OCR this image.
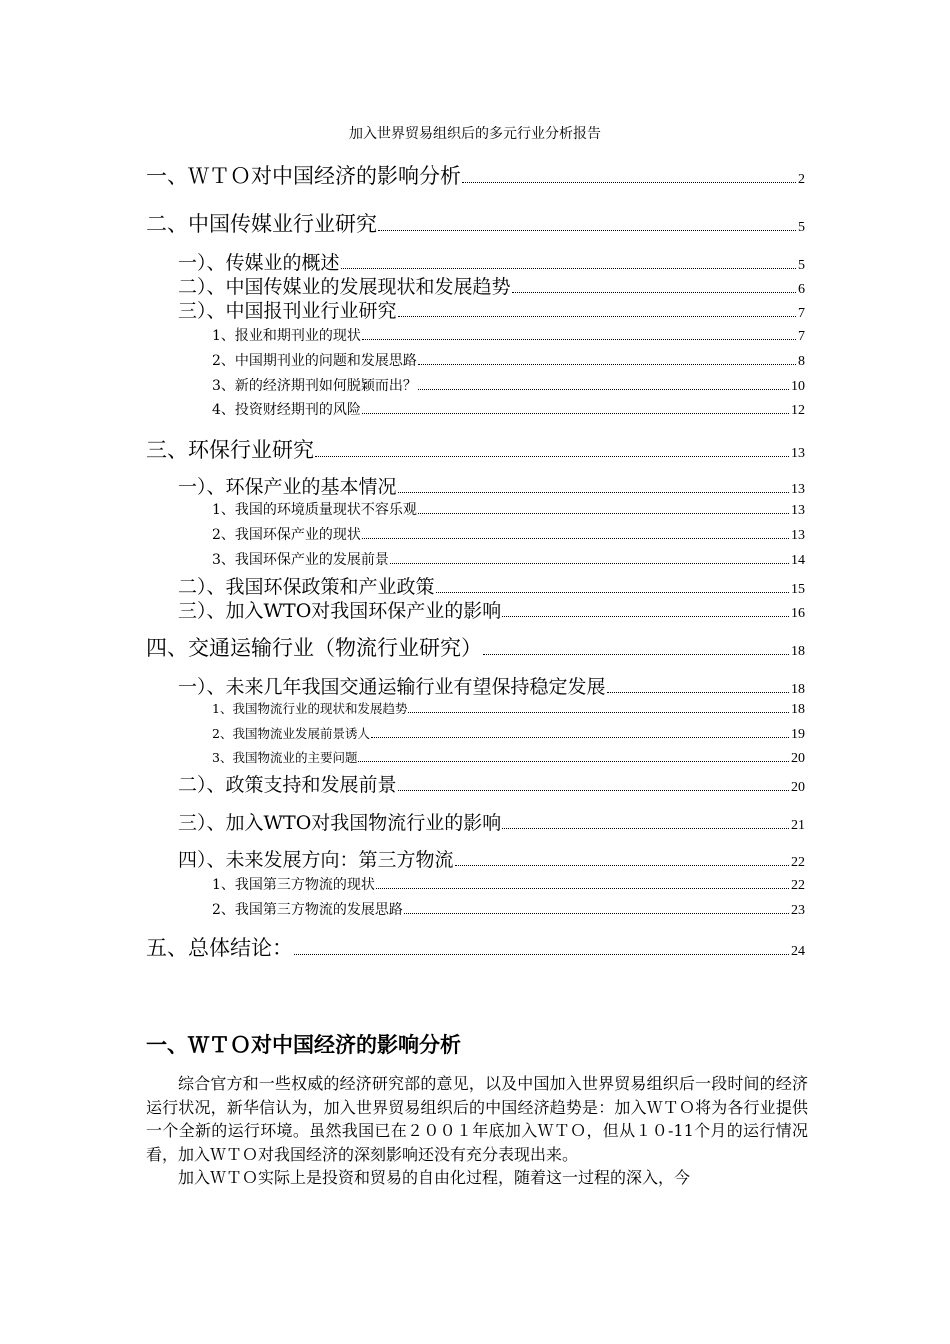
加入世界贸易组织后的多元行业分析报告
一、ＷＴＯ对中国经济的影响分析	2
二、中国传媒业行业研究	5
一）、传媒业的概述	5
二）、中国传媒业的发展现状和发展趋势	6
三）、中国报刊业行业研究	7
1、报业和期刊业的现状	7
2、中国期刊业的问题和发展思路	8
3、新的经济期刊如何脱颖而出？	10
4、投资财经期刊的风险	12
三、环保行业研究	13
一）、环保产业的基本情况	13
1、我国的环境质量现状不容乐观	13
2、我国环保产业的现状	13
3、我国环保产业的发展前景	14
二）、我国环保政策和产业政策	15
三）、加入WTO对我国环保产业的影响	16
四、交通运输行业（物流行业研究）	18
一）、未来几年我国交通运输行业有望保持稳定发展	18
1、我国物流行业的现状和发展趋势	18
2、我国物流业发展前景诱人	19
3、我国物流业的主要问题	20
二）、政策支持和发展前景	20
三）、加入WTO对我国物流行业的影响	21
四）、未来发展方向：第三方物流	22
1、我国第三方物流的现状	22
2、我国第三方物流的发展思路	23
五、总体结论：	24
一、ＷＴＯ对中国经济的影响分析

综合官方和一些权威的经济研究部的意见，以及中国加入世界贸易组织后一段时间的经济运行状况，新华信认为，加入世界贸易组织后的中国经济趋势是：加入ＷＴＯ将为各行业提供一个全新的运行环境。虽然我国已在２００１年底加入ＷＴＯ，但从１０-11个月的运行情况看，加入ＷＴＯ对我国经济的深刻影响还没有充分表现出来。

加入ＷＴＯ实际上是投资和贸易的自由化过程，随着这一过程的深入，今
